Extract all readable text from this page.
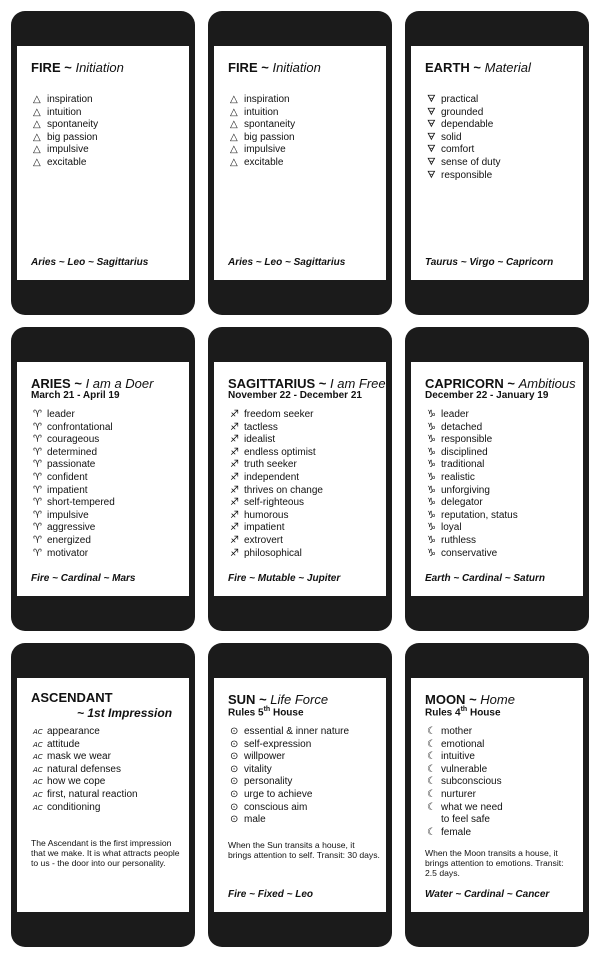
FIRE ~ Initiation
△ inspiration
△ intuition
△ spontaneity
△ big passion
△ impulsive
△ excitable
Aries ~ Leo ~ Sagittarius
FIRE ~ Initiation
△ inspiration
△ intuition
△ spontaneity
△ big passion
△ impulsive
△ excitable
Aries ~ Leo ~ Sagittarius
EARTH ~ Material
🜃 practical
🜃 grounded
🜃 dependable
🜃 solid
🜃 comfort
🜃 sense of duty
🜃 responsible
Taurus ~ Virgo ~ Capricorn
ARIES ~ I am a Doer
March 21 - April 19
♈ leader
♈ confrontational
♈ courageous
♈ determined
♈ passionate
♈ confident
♈ impatient
♈ short-tempered
♈ impulsive
♈ aggressive
♈ energized
♈ motivator
Fire ~ Cardinal ~ Mars
SAGITTARIUS ~ I am Free
November 22 - December 21
♐ freedom seeker
♐ tactless
♐ idealist
♐ endless optimist
♐ truth seeker
♐ independent
♐ thrives on change
♐ self-righteous
♐ humorous
♐ impatient
♐ extrovert
♐ philosophical
Fire ~ Mutable ~ Jupiter
CAPRICORN ~ Ambitious
December 22 - January 19
♑ leader
♑ detached
♑ responsible
♑ disciplined
♑ traditional
♑ realistic
♑ unforgiving
♑ delegator
♑ reputation, status
♑ loyal
♑ ruthless
♑ conservative
Earth ~ Cardinal ~ Saturn
ASCENDANT
~ 1st Impression
AC appearance
AC attitude
AC mask we wear
AC natural defenses
AC how we cope
AC first, natural reaction
AC conditioning
The Ascendant is the first impression that we make. It is what attracts people to us - the door into our personality.
SUN ~ Life Force
Rules 5th House
⊙ essential & inner nature
⊙ self-expression
⊙ willpower
⊙ vitality
⊙ personality
⊙ urge to achieve
⊙ conscious aim
⊙ male
When the Sun transits a house, it brings attention to self. Transit: 30 days.
Fire ~ Fixed ~ Leo
MOON ~ Home
Rules 4th House
☾ mother
☾ emotional
☾ intuitive
☾ vulnerable
☾ subconscious
☾ nurturer
☾ what we need
to feel safe
☾ female
When the Moon transits a house, it brings attention to emotions. Transit: 2.5 days.
Water ~ Cardinal ~ Cancer
